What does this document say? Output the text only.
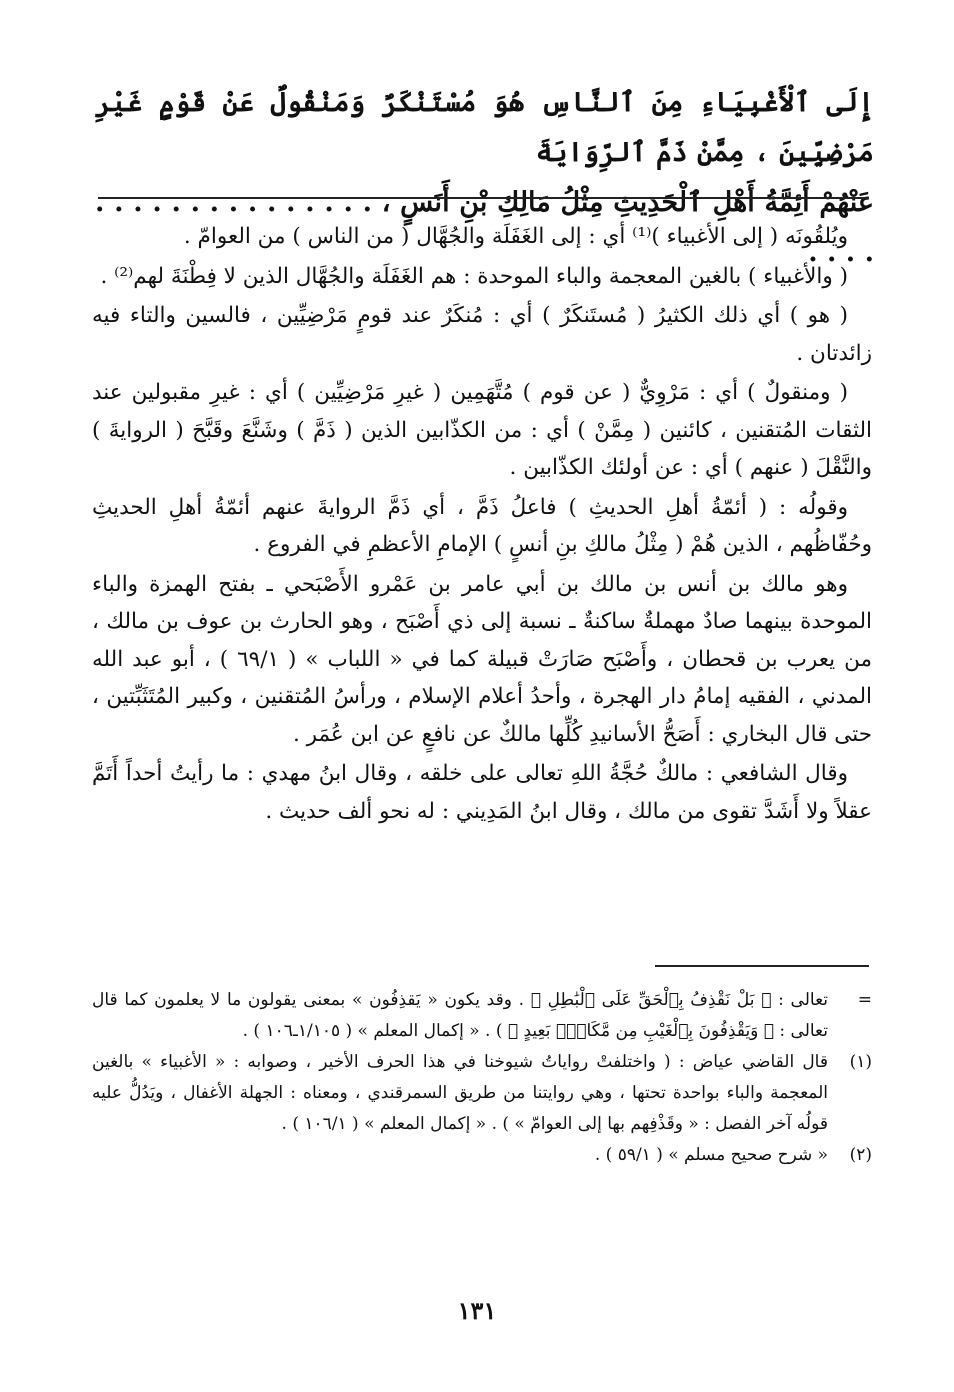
إِلَى ٱلْأَغْبِيَاءِ مِنَ ٱلنَّاسِ هُوَ مُسْتَنْكَرٌ وَمَنْقُولٌ عَنْ قَوْمٍ غَيْرِ مَرْضِيِّينَ ، مِمَّنْ ذَمَّ ٱلرِّوَايَةَ

عَنْهُمْ أَئِمَّةُ أَهْلِ ٱلْحَدِيثِ مِثْلُ مَالِكِ بْنِ أَنَسٍ ، . . . . . . . . . . . . . . . . . . .

ويُلقُونَه ( إلى الأغبياء )⁽¹⁾ أي : إلى الغَفَلَة والجُهَّال ( من الناس ) من العوامّ .

( والأغبياء ) بالغين المعجمة والباء الموحدة : هم الغَفَلَة والجُهَّال الذين لا فِطْنَةَ لهم⁽²⁾ .

( هو ) أي ذلك الكثيرُ ( مُستَنكَرٌ ) أي : مُنكَرٌ عند قومٍ مَرْضِيِّين ، فالسين والتاء فيه زائدتان .

( ومنقولٌ ) أي : مَرْوِيٌّ ( عن قوم ) مُتَّهَمِين ( غيرِ مَرْضِيِّين ) أي : غيرِ مقبولين عند الثقات المُتقنين ، كائنين ( مِمَّنْ ) أي : من الكذّابين الذين ( ذَمَّ ) وشَنَّعَ وقَبَّحَ ( الروايةَ ) والنَّقْلَ ( عنهم ) أي : عن أولئك الكذّابين .

وقولُه : ( أئمّةُ أهلِ الحديثِ ) فاعلُ ذَمَّ ، أي ذَمَّ الروايةَ عنهم أئمّةُ أهلِ الحديثِ وحُفّاظُهم ، الذين هُمْ ( مِثْلُ مالكِ بنِ أنسٍ ) الإمامِ الأعظمِ في الفروع .

وهو مالك بن أنس بن مالك بن أبي عامر بن عَمْرو الأَصْبَحي ـ بفتح الهمزة والباء الموحدة بينهما صادٌ مهملةٌ ساكنةٌ ـ نسبة إلى ذي أَصْبَح ، وهو الحارث بن عوف بن مالك ، من يعرب بن قحطان ، وأَصْبَح صَارَتْ قبيلة كما في « اللباب » ( ٦٩/١ ) ، أبو عبد الله المدني ، الفقيه إمامُ دار الهجرة ، وأحدُ أعلام الإسلام ، ورأسُ المُتقنين ، وكبير المُتَثَبِّتين ، حتى قال البخاري : أَصَحُّ الأسانيدِ كُلِّها مالكٌ عن نافعٍ عن ابن عُمَر .

وقال الشافعي : مالكٌ حُجَّةُ اللهِ تعالى على خلقه ، وقال ابنُ مهدي : ما رأيتُ أحداً أَتَمَّ عقلاً ولا أَشَدَّ تقوى من مالك ، وقال ابنُ المَدِيني : له نحو ألف حديث .

=

تعالى : ﴿ بَلْ نَقْذِفُ بِٱلْحَقِّ عَلَى ٱلْبَٰطِلِ ﴾ . وقد يكون « يَقذِفُون » بمعنى يقولون ما لا يعلمون كما قال تعالى : ﴿ وَيَقْذِفُونَ بِٱلْغَيْبِ مِن مَّكَانٍۭ بَعِيدٍ ﴾ ) . « إكمال المعلم » ( ١/١٠٥ـ١٠٦ ) .

(١)

قال القاضي عياض : ( واختلفتْ رواياتُ شيوخنا في هذا الحرف الأخير ، وصوابه : « الأغبياء » بالغين المعجمة والباء بواحدة تحتها ، وهي روايتنا من طريق السمرقندي ، ومعناه : الجهلة الأغفال ، ويَدُلُّ عليه قولُه آخر الفصل : « وقَذْفِهم بها إلى العوامّ » ) . « إكمال المعلم » ( ١٠٦/١ ) .

(٢)

« شرح صحيح مسلم » ( ٥٩/١ ) .

١٣١
